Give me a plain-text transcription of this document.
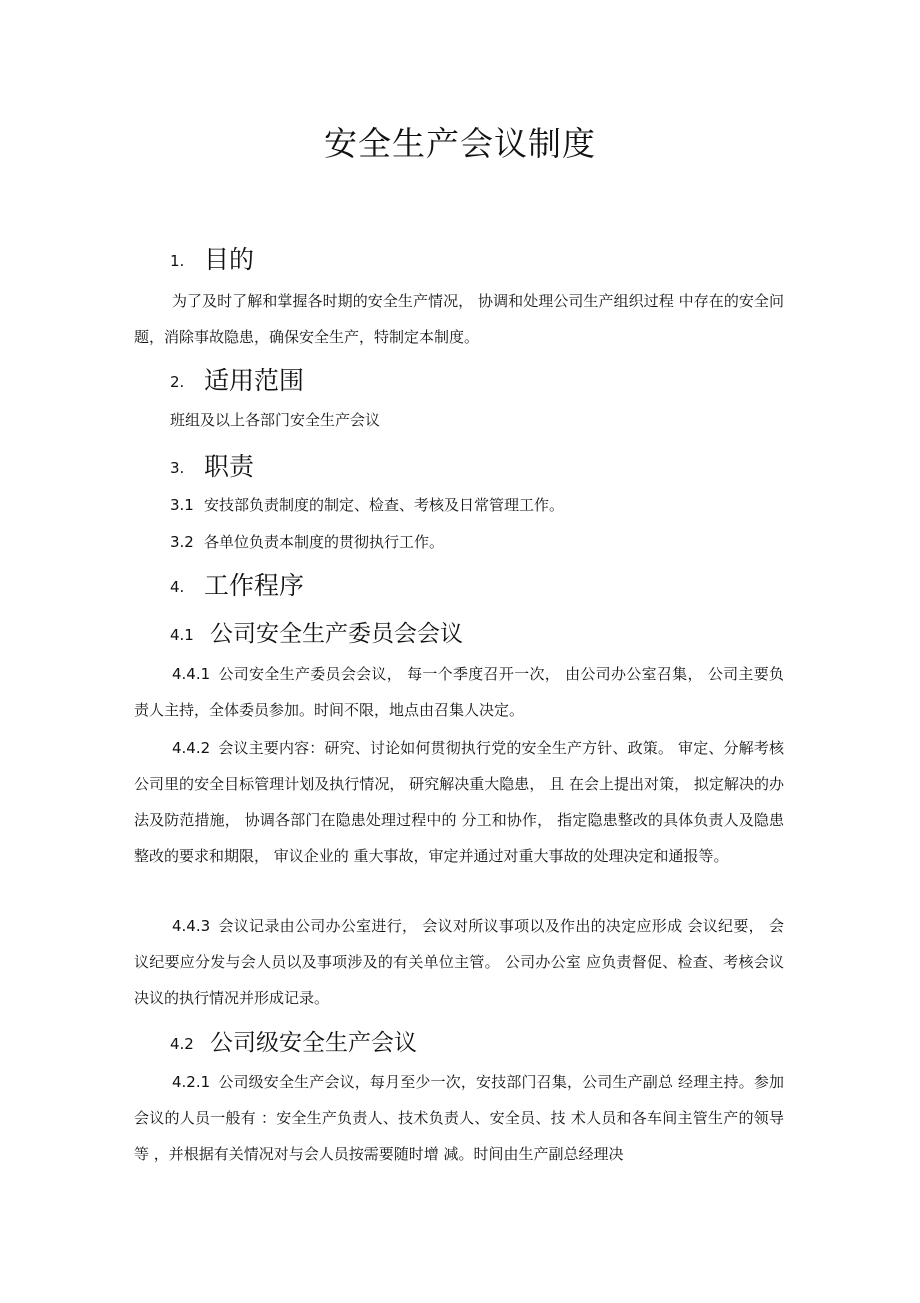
安全生产会议制度
1. 目的

为了及时了解和掌握各时期的安全生产情况， 协调和处理公司生产组织过程 中存在的安全问题，消除事故隐患，确保安全生产，特制定本制度。

2. 适用范围
班组及以上各部门安全生产会议
3. 职责
3.1 安技部负责制度的制定、检查、考核及日常管理工作。
3.2 各单位负责本制度的贯彻执行工作。
4. 工作程序
4.1 公司安全生产委员会会议

4.4.1 公司安全生产委员会会议， 每一个季度召开一次， 由公司办公室召集， 公司主要负责人主持，全体委员参加。时间不限，地点由召集人决定。

4.4.2 会议主要内容：研究、讨论如何贯彻执行党的安全生产方针、政策。 审定、分解考核公司里的安全目标管理计划及执行情况， 研究解决重大隐患， 且 在会上提出对策， 拟定解决的办法及防范措施， 协调各部门在隐患处理过程中的 分工和协作， 指定隐患整改的具体负责人及隐患整改的要求和期限， 审议企业的 重大事故，审定并通过对重大事故的处理决定和通报等。

4.4.3 会议记录由公司办公室进行， 会议对所议事项以及作出的决定应形成 会议纪要， 会议纪要应分发与会人员以及事项涉及的有关单位主管。 公司办公室 应负责督促、检查、考核会议决议的执行情况并形成记录。

4.2 公司级安全生产会议

4.2.1 公司级安全生产会议，每月至少一次，安技部门召集，公司生产副总 经理主持。参加会议的人员一般有 ：安全生产负责人、技术负责人、安全员、技 术人员和各车间主管生产的领导等 ，并根据有关情况对与会人员按需要随时增 减。时间由生产副总经理决
